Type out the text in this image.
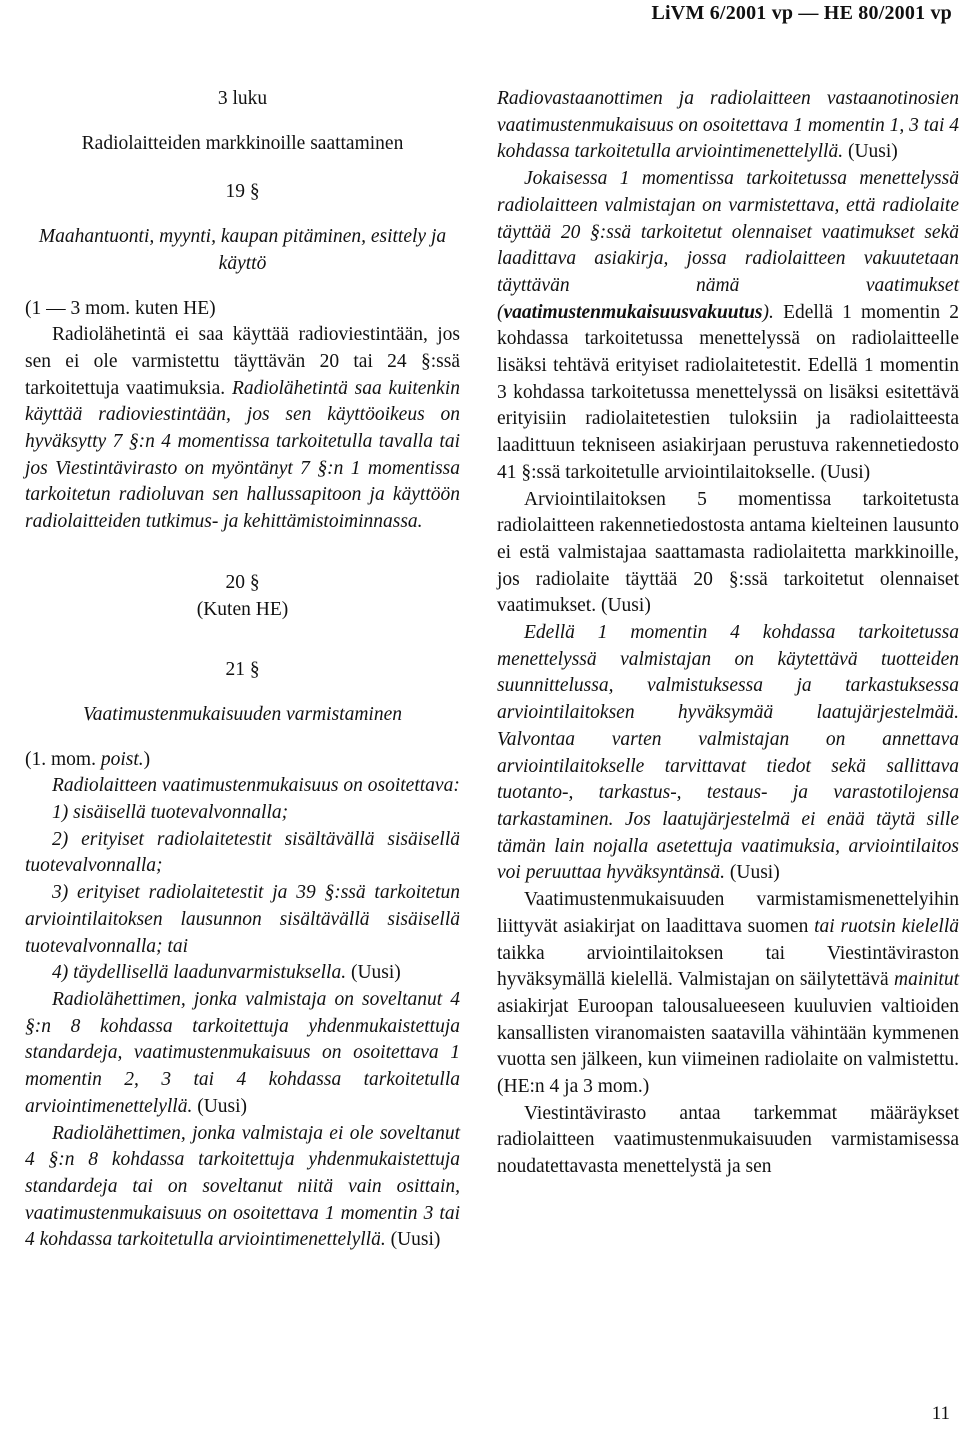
LiVM 6/2001 vp — HE 80/2001 vp
3 luku
Radiolaitteiden markkinoille saattaminen
19 §
Maahantuonti, myynti, kaupan pitäminen, esittely ja käyttö
(1 — 3 mom. kuten HE)

Radiolähetintä ei saa käyttää radioviestintään, jos sen ei ole varmistettu täyttävän 20 tai 24 §:ssä tarkoitettuja vaatimuksia. Radiolähetintä saa kuitenkin käyttää radioviestintään, jos sen käyttöoikeus on hyväksytty 7 §:n 4 momentissa tarkoitetulla tavalla tai jos Viestintävirasto on myöntänyt 7 §:n 1 momentissa tarkoitetun radioluvan sen hallussapitoon ja käyttöön radiolaitteiden tutkimus- ja kehittämistoiminnassa.

20 §
(Kuten HE)
21 §
Vaatimustenmukaisuuden varmistaminen
(1. mom. poist.)

Radiolaitteen vaatimustenmukaisuus on osoitettava:

1) sisäisellä tuotevalvonnalla;

2) erityiset radiolaitetestit sisältävällä sisäisellä tuotevalvonnalla;

3) erityiset radiolaitetestit ja 39 §:ssä tarkoitetun arviointilaitoksen lausunnon sisältävällä sisäisellä tuotevalvonnalla; tai

4) täydellisellä laadunvarmistuksella. (Uusi)

Radiolähettimen, jonka valmistaja on soveltanut 4 §:n 8 kohdassa tarkoitettuja yhdenmukaistettuja standardeja, vaatimustenmukaisuus on osoitettava 1 momentin 2, 3 tai 4 kohdassa tarkoitetulla arviointimenettelyllä. (Uusi)

Radiolähettimen, jonka valmistaja ei ole soveltanut 4 §:n 8 kohdassa tarkoitettuja yhdenmukaistettuja standardeja tai on soveltanut niitä vain osittain, vaatimustenmukaisuus on osoitettava 1 momentin 3 tai 4 kohdassa tarkoitetulla arviointimenettelyllä. (Uusi)

Radiovastaanottimen ja radiolaitteen vastaanotinosien vaatimustenmukaisuus on osoitettava 1 momentin 1, 3 tai 4 kohdassa tarkoitetulla arviointimenettelyllä. (Uusi)

Jokaisessa 1 momentissa tarkoitetussa menettelyssä radiolaitteen valmistajan on varmistettava, että radiolaite täyttää 20 §:ssä tarkoitetut olennaiset vaatimukset sekä laadittava asiakirja, jossa radiolaitteen vakuutetaan täyttävän nämä vaatimukset (vaatimustenmukaisuusvakuutus). Edellä 1 momentin 2 kohdassa tarkoitetussa menettelyssä on radiolaitteelle lisäksi tehtävä erityiset radiolaitetestit. Edellä 1 momentin 3 kohdassa tarkoitetussa menettelyssä on lisäksi esitettävä erityisiin radiolaitetestien tuloksiin ja radiolaitteesta laadittuun tekniseen asiakirjaan perustuva rakennetiedosto 41 §:ssä tarkoitetulle arviointilaitokselle. (Uusi)

Arviointilaitoksen 5 momentissa tarkoitetusta radiolaitteen rakennetiedostosta antama kielteinen lausunto ei estä valmistajaa saattamasta radiolaitetta markkinoille, jos radiolaite täyttää 20 §:ssä tarkoitetut olennaiset vaatimukset. (Uusi)

Edellä 1 momentin 4 kohdassa tarkoitetussa menettelyssä valmistajan on käytettävä tuotteiden suunnittelussa, valmistuksessa ja tarkastuksessa arviointilaitoksen hyväksymää laatujärjestelmää. Valvontaa varten valmistajan on annettava arviointilaitokselle tarvittavat tiedot sekä sallittava tuotanto-, tarkastus-, testaus- ja varastotilojensa tarkastaminen. Jos laatujärjestelmä ei enää täytä sille tämän lain nojalla asetettuja vaatimuksia, arviointilaitos voi peruuttaa hyväksyntänsä. (Uusi)

Vaatimustenmukaisuuden varmistamismenettelyihin liittyvät asiakirjat on laadittava suomen tai ruotsin kielellä taikka arviointilaitoksen tai Viestintäviraston hyväksymällä kielellä. Valmistajan on säilytettävä mainitut asiakirjat Euroopan talousalueeseen kuuluvien valtioiden kansallisten viranomaisten saatavilla vähintään kymmenen vuotta sen jälkeen, kun viimeinen radiolaite on valmistettu. (HE:n 4 ja 3 mom.)

Viestintävirasto antaa tarkemmat määräykset radiolaitteen vaatimustenmukaisuuden varmistamisessa noudatettavasta menettelystä ja sen

11
